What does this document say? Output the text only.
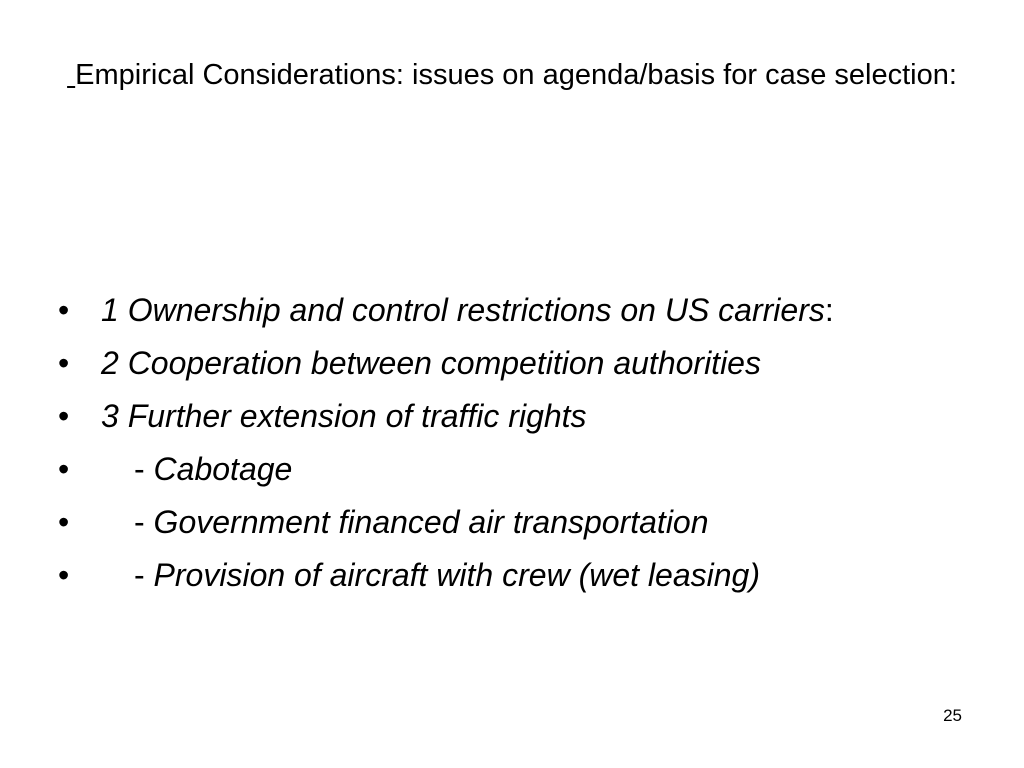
Empirical Considerations: issues on agenda/basis for case selection:
• 1 Ownership and control restrictions on US carriers:
• 2 Cooperation between competition authorities
• 3 Further extension of traffic rights
•	- Cabotage
•	- Government financed air transportation
•	- Provision of aircraft with crew (wet leasing)
25
